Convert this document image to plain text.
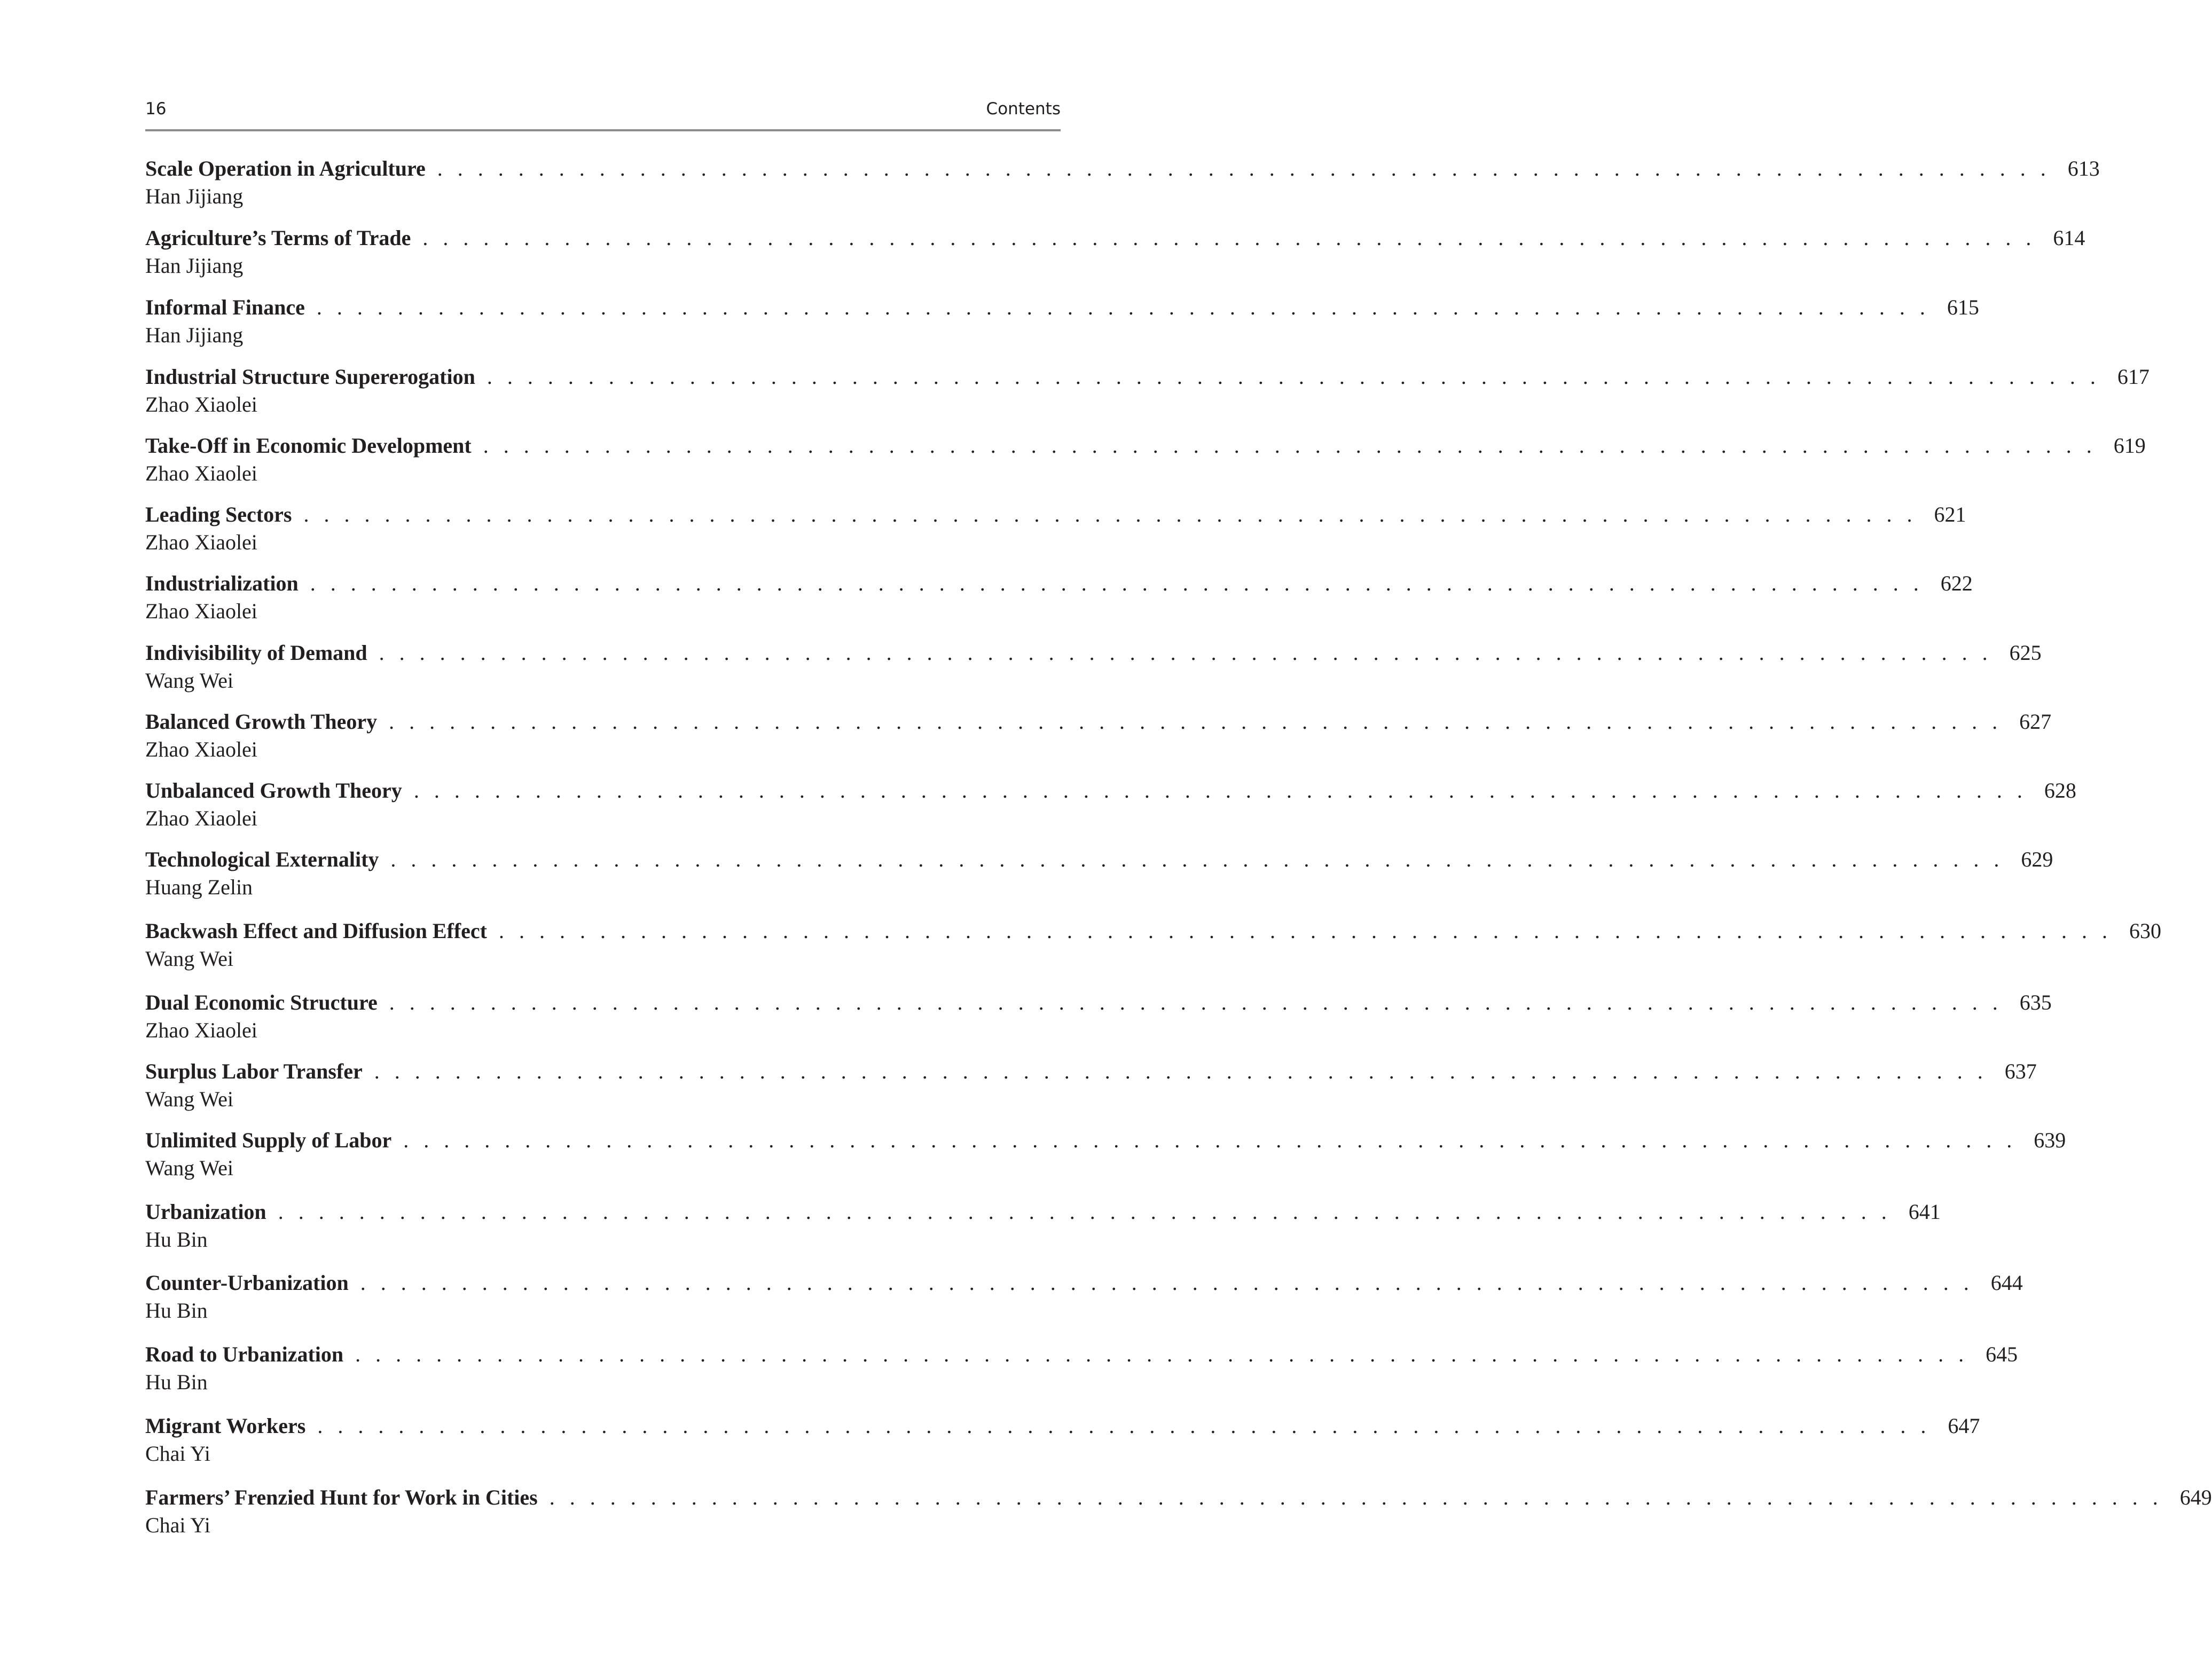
16	Contents
Scale Operation in Agriculture . . . . . . . . . . . . . . . . . . . . . . . . . . . . . . . . . . . . . . . . . . . . . . . . . . . . . . . . . . . . . . . . . . . . . . . . . . . . . . . . 613
Han Jijiang
Agriculture’s Terms of Trade . . . . . . . . . . . . . . . . . . . . . . . . . . . . . . . . . . . . . . . . . . . . . . . . . . . . . . . . . . . . . . . . . . . . . . . . . . . . . . . . 614
Han Jijiang
Informal Finance . . . . . . . . . . . . . . . . . . . . . . . . . . . . . . . . . . . . . . . . . . . . . . . . . . . . . . . . . . . . . . . . . . . . . . . . . . . . . . . . 615
Han Jijiang
Industrial Structure Supererogation . . . . . . . . . . . . . . . . . . . . . . . . . . . . . . . . . . . . . . . . . . . . . . . . . . . . . . . . . . . . . . . . . . . . . . . . . . . . . . . . 617
Zhao Xiaolei
Take-Off in Economic Development . . . . . . . . . . . . . . . . . . . . . . . . . . . . . . . . . . . . . . . . . . . . . . . . . . . . . . . . . . . . . . . . . . . . . . . . . . . . . . . . 619
Zhao Xiaolei
Leading Sectors . . . . . . . . . . . . . . . . . . . . . . . . . . . . . . . . . . . . . . . . . . . . . . . . . . . . . . . . . . . . . . . . . . . . . . . . . . . . . . . . 621
Zhao Xiaolei
Industrialization . . . . . . . . . . . . . . . . . . . . . . . . . . . . . . . . . . . . . . . . . . . . . . . . . . . . . . . . . . . . . . . . . . . . . . . . . . . . . . . . 622
Zhao Xiaolei
Indivisibility of Demand . . . . . . . . . . . . . . . . . . . . . . . . . . . . . . . . . . . . . . . . . . . . . . . . . . . . . . . . . . . . . . . . . . . . . . . . . . . . . . . . 625
Wang Wei
Balanced Growth Theory . . . . . . . . . . . . . . . . . . . . . . . . . . . . . . . . . . . . . . . . . . . . . . . . . . . . . . . . . . . . . . . . . . . . . . . . . . . . . . . . 627
Zhao Xiaolei
Unbalanced Growth Theory . . . . . . . . . . . . . . . . . . . . . . . . . . . . . . . . . . . . . . . . . . . . . . . . . . . . . . . . . . . . . . . . . . . . . . . . . . . . . . . . 628
Zhao Xiaolei
Technological Externality . . . . . . . . . . . . . . . . . . . . . . . . . . . . . . . . . . . . . . . . . . . . . . . . . . . . . . . . . . . . . . . . . . . . . . . . . . . . . . . . 629
Huang Zelin
Backwash Effect and Diffusion Effect . . . . . . . . . . . . . . . . . . . . . . . . . . . . . . . . . . . . . . . . . . . . . . . . . . . . . . . . . . . . . . . . . . . . . . . . . . . . . . . . 630
Wang Wei
Dual Economic Structure . . . . . . . . . . . . . . . . . . . . . . . . . . . . . . . . . . . . . . . . . . . . . . . . . . . . . . . . . . . . . . . . . . . . . . . . . . . . . . . . 635
Zhao Xiaolei
Surplus Labor Transfer . . . . . . . . . . . . . . . . . . . . . . . . . . . . . . . . . . . . . . . . . . . . . . . . . . . . . . . . . . . . . . . . . . . . . . . . . . . . . . . . 637
Wang Wei
Unlimited Supply of Labor . . . . . . . . . . . . . . . . . . . . . . . . . . . . . . . . . . . . . . . . . . . . . . . . . . . . . . . . . . . . . . . . . . . . . . . . . . . . . . . . 639
Wang Wei
Urbanization . . . . . . . . . . . . . . . . . . . . . . . . . . . . . . . . . . . . . . . . . . . . . . . . . . . . . . . . . . . . . . . . . . . . . . . . . . . . . . . . 641
Hu Bin
Counter-Urbanization . . . . . . . . . . . . . . . . . . . . . . . . . . . . . . . . . . . . . . . . . . . . . . . . . . . . . . . . . . . . . . . . . . . . . . . . . . . . . . . . 644
Hu Bin
Road to Urbanization . . . . . . . . . . . . . . . . . . . . . . . . . . . . . . . . . . . . . . . . . . . . . . . . . . . . . . . . . . . . . . . . . . . . . . . . . . . . . . . . 645
Hu Bin
Migrant Workers . . . . . . . . . . . . . . . . . . . . . . . . . . . . . . . . . . . . . . . . . . . . . . . . . . . . . . . . . . . . . . . . . . . . . . . . . . . . . . . . 647
Chai Yi
Farmers’ Frenzied Hunt for Work in Cities . . . . . . . . . . . . . . . . . . . . . . . . . . . . . . . . . . . . . . . . . . . . . . . . . . . . . . . . . . . . . . . . . . . . . . . . . . . . . . . . 649
Chai Yi
